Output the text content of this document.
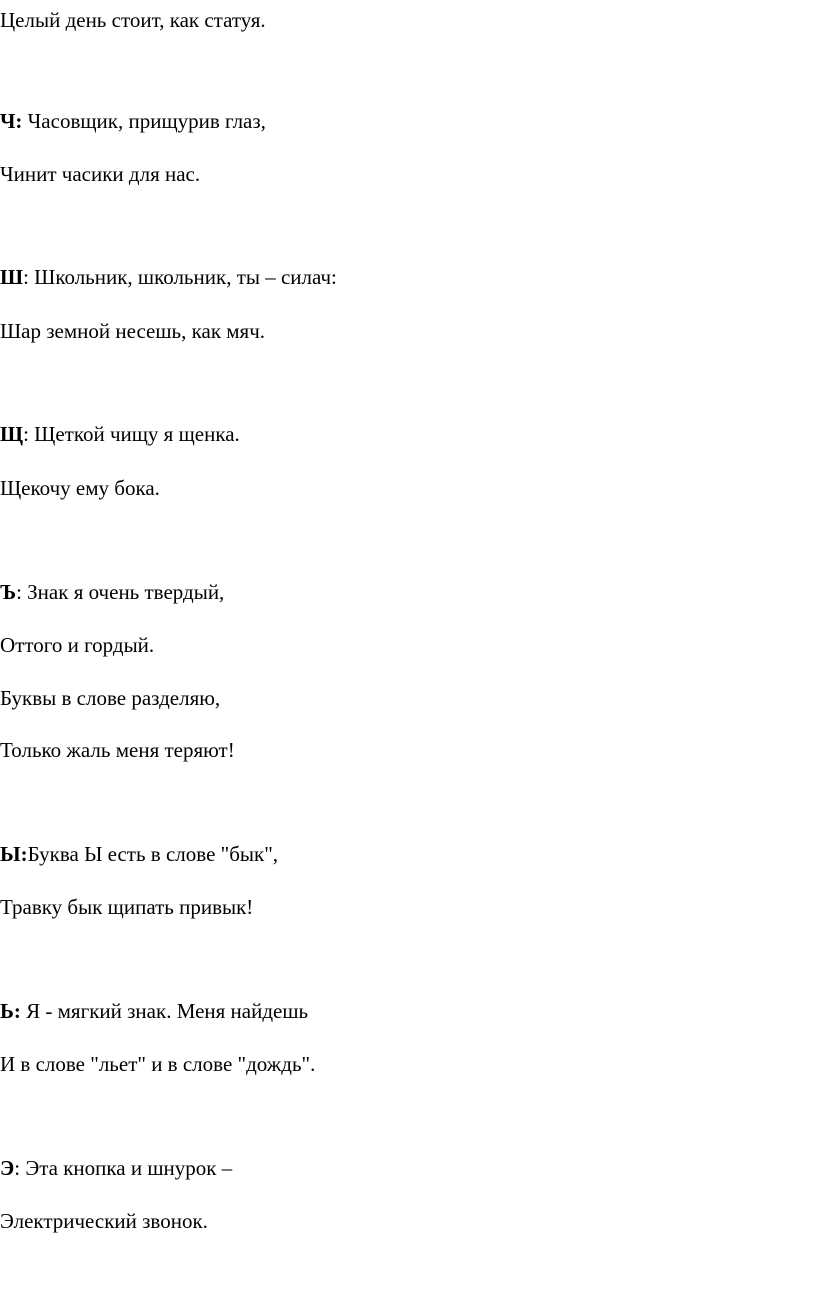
Целый день стоит, как статуя.
Ч: Часовщик, прищурив глаз,
Чинит часики для нас.
Ш: Школьник, школьник, ты – силач:
Шар земной несешь, как мяч.
Щ: Щеткой чищу я щенка.
Щекочу ему бока.
Ъ: Знак я очень твердый,
Оттого и гордый.
Буквы в слове разделяю,
Только жаль меня теряют!
Ы:Буква Ы есть в слове "бык",
Травку бык щипать привык!
Ь: Я - мягкий знак. Меня найдешь
И в слове "льет" и в слове "дождь".
Э: Эта кнопка и шнурок –
Электрический звонок.
